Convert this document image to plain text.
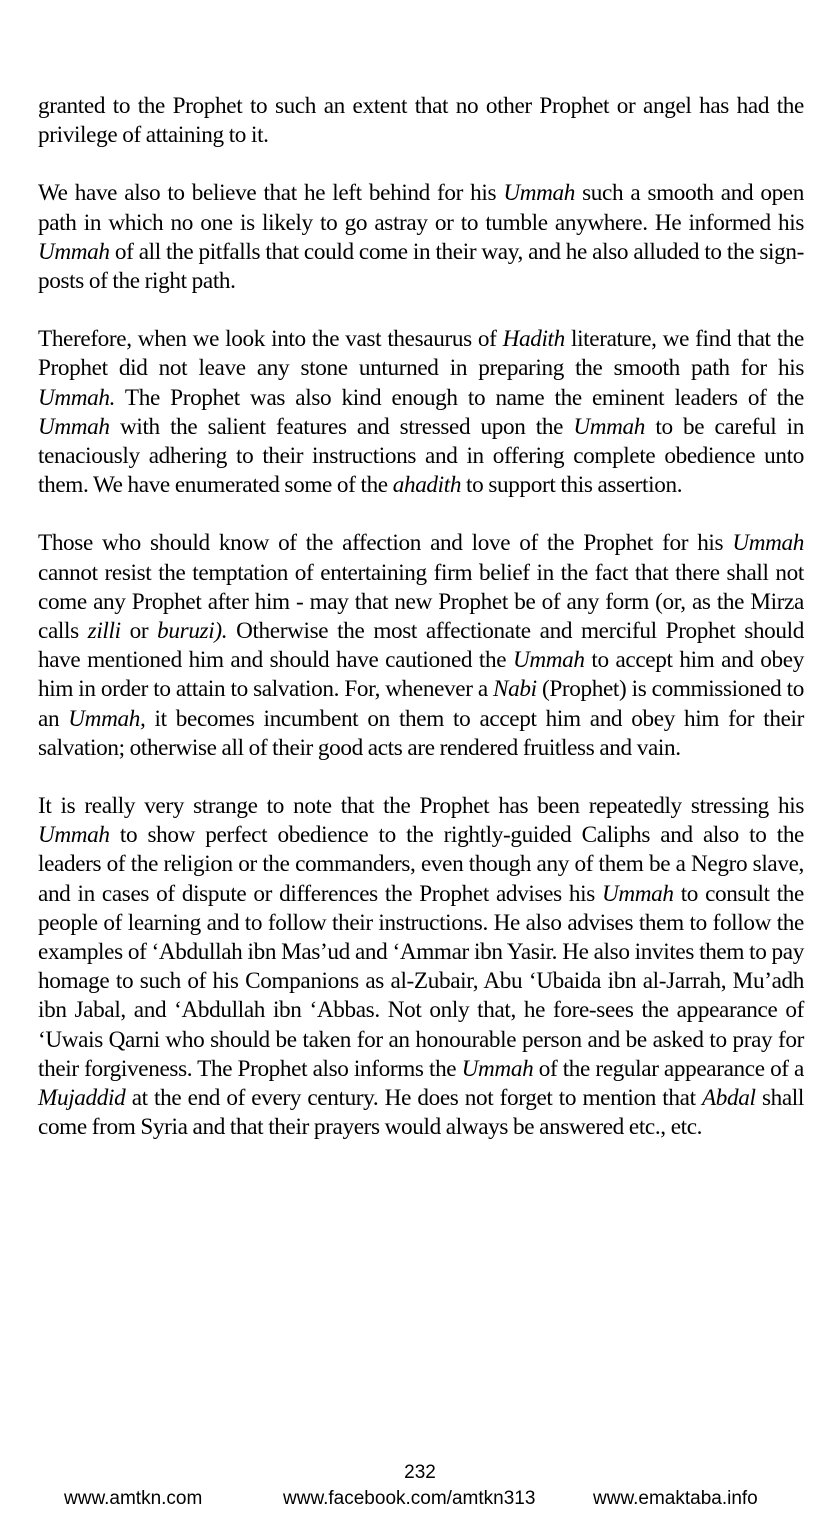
granted to the Prophet to such an extent that no other Prophet or angel has had the privilege of attaining to it.

We have also to believe that he left behind for his Ummah such a smooth and open path in which no one is likely to go astray or to tumble anywhere. He informed his Ummah of all the pitfalls that could come in their way, and he also alluded to the sign-posts of the right path.

Therefore, when we look into the vast thesaurus of Hadith literature, we find that the Prophet did not leave any stone unturned in preparing the smooth path for his Ummah. The Prophet was also kind enough to name the eminent leaders of the Ummah with the salient features and stressed upon the Ummah to be careful in tenaciously adhering to their instructions and in offering complete obedience unto them. We have enumerated some of the ahadith to support this assertion.

Those who should know of the affection and love of the Prophet for his Ummah cannot resist the temptation of entertaining firm belief in the fact that there shall not come any Prophet after him - may that new Prophet be of any form (or, as the Mirza calls zilli or buruzi). Otherwise the most affectionate and merciful Prophet should have mentioned him and should have cautioned the Ummah to accept him and obey him in order to attain to salvation. For, whenever a Nabi (Prophet) is commissioned to an Ummah, it becomes incumbent on them to accept him and obey him for their salvation; otherwise all of their good acts are rendered fruitless and vain.

It is really very strange to note that the Prophet has been repeatedly stressing his Ummah to show perfect obedience to the rightly-guided Caliphs and also to the leaders of the religion or the commanders, even though any of them be a Negro slave, and in cases of dispute or differences the Prophet advises his Ummah to consult the people of learning and to follow their instructions. He also advises them to follow the examples of ‘Abdullah ibn Mas’ud and ‘Ammar ibn Yasir. He also invites them to pay homage to such of his Companions as al-Zubair, Abu ‘Ubaida ibn al-Jarrah, Mu’adh ibn Jabal, and ‘Abdullah ibn ‘Abbas. Not only that, he fore-sees the appearance of ‘Uwais Qarni who should be taken for an honourable person and be asked to pray for their forgiveness. The Prophet also informs the Ummah of the regular appearance of a Mujaddid at the end of every century. He does not forget to mention that Abdal shall come from Syria and that their prayers would always be answered etc., etc.

232
www.amtkn.com	www.facebook.com/amtkn313	www.emaktaba.info
